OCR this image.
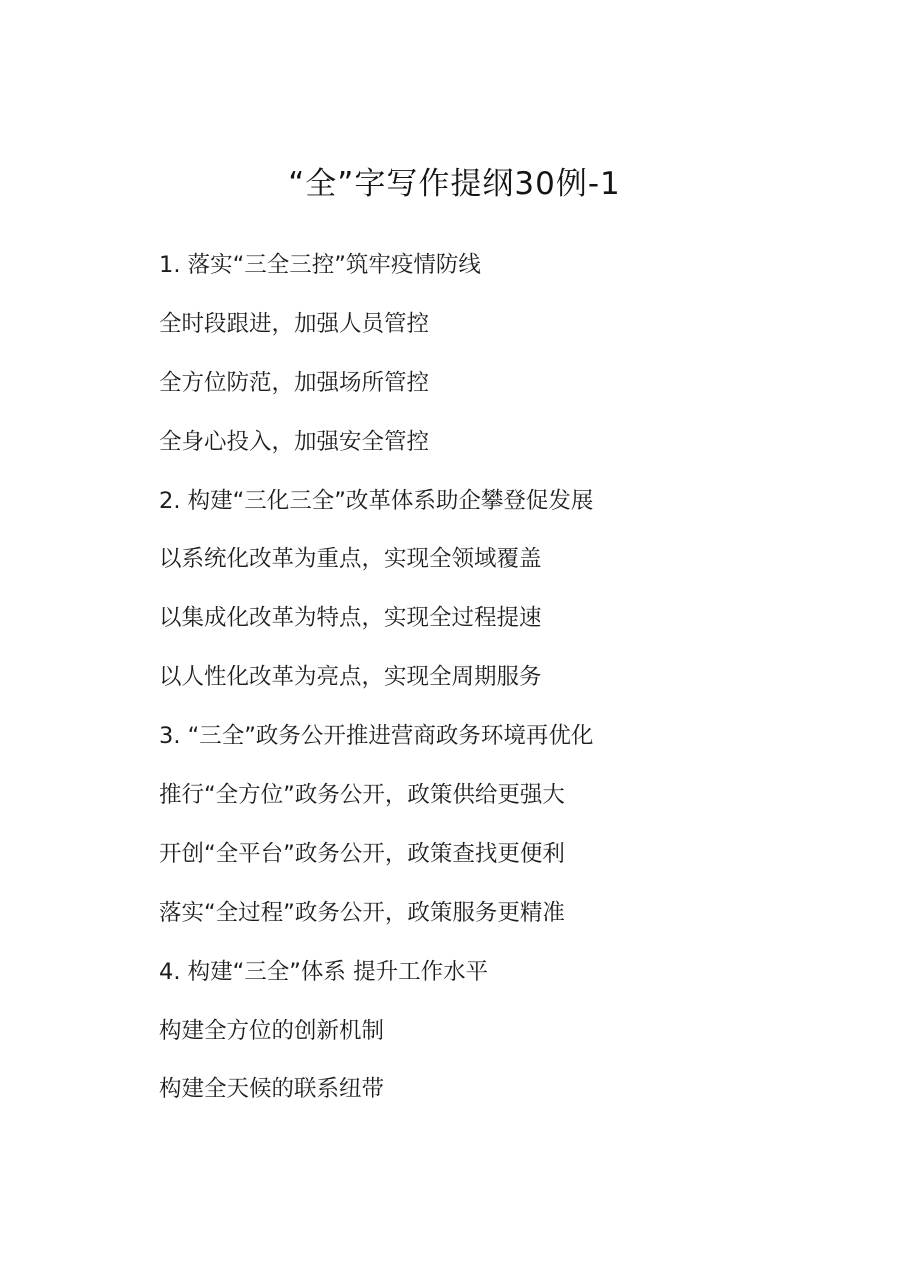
“全”字写作提纲30例-1
1. 落实“三全三控”筑牢疫情防线
全时段跟进，加强人员管控
全方位防范，加强场所管控
全身心投入，加强安全管控
2. 构建“三化三全”改革体系助企攀登促发展
以系统化改革为重点，实现全领域覆盖
以集成化改革为特点，实现全过程提速
以人性化改革为亮点，实现全周期服务
3. “三全”政务公开推进营商政务环境再优化
推行“全方位”政务公开，政策供给更强大
开创“全平台”政务公开，政策查找更便利
落实“全过程”政务公开，政策服务更精准
4. 构建“三全”体系 提升工作水平
构建全方位的创新机制
构建全天候的联系纽带
